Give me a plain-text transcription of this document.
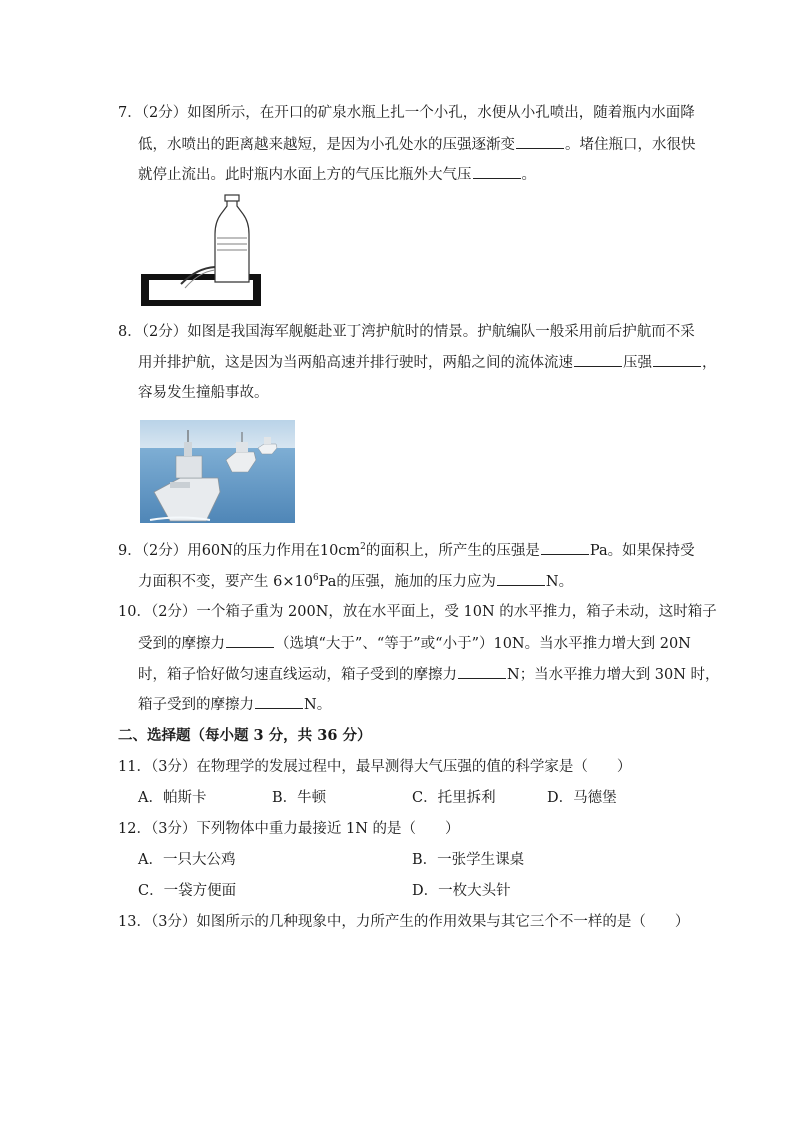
7．（2分）如图所示，在开口的矿泉水瓶上扎一个小孔，水便从小孔喷出，随着瓶内水面降
低，水喷出的距离越来越短，是因为小孔处水的压强逐渐变	。堵住瓶口，水很快
就停止流出。此时瓶内水面上方的气压比瓶外大气压	。
8．（2分）如图是我国海军舰艇赴亚丁湾护航时的情景。护航编队一般采用前后护航而不采
用并排护航，这是因为当两船高速并排行驶时，两船之间的流体流速	压强	，
容易发生撞船事故。
9．（2分）用60N的压力作用在$10cm^2$的面积上，所产生的压强是	Pa。如果保持受
力面积不变，要产生 $6\times 10^6Pa$的压强，施加的压力应为	N。
10．（2分）一个箱子重为 200N，放在水平面上，受 10N 的水平推力，箱子未动，这时箱子
受到的摩擦力	（选填“大于”、“等于”或“小于”）10N。当水平推力增大到 20N
时，箱子恰好做匀速直线运动，箱子受到的摩擦力	N；当水平推力增大到 30N 时，
箱子受到的摩擦力	N。
二、选择题（每小题 3 分，共 36 分）
11．（3分）在物理学的发展过程中，最早测得大气压强的值的科学家是（　　）
A．帕斯卡	B．牛顿	C．托里拆利	D．马德堡
12．（3分）下列物体中重力最接近 1N 的是（　　）
A．一只大公鸡	B．一张学生课桌
C．一袋方便面	D．一枚大头针
13．（3分）如图所示的几种现象中，力所产生的作用效果与其它三个不一样的是（　　）
